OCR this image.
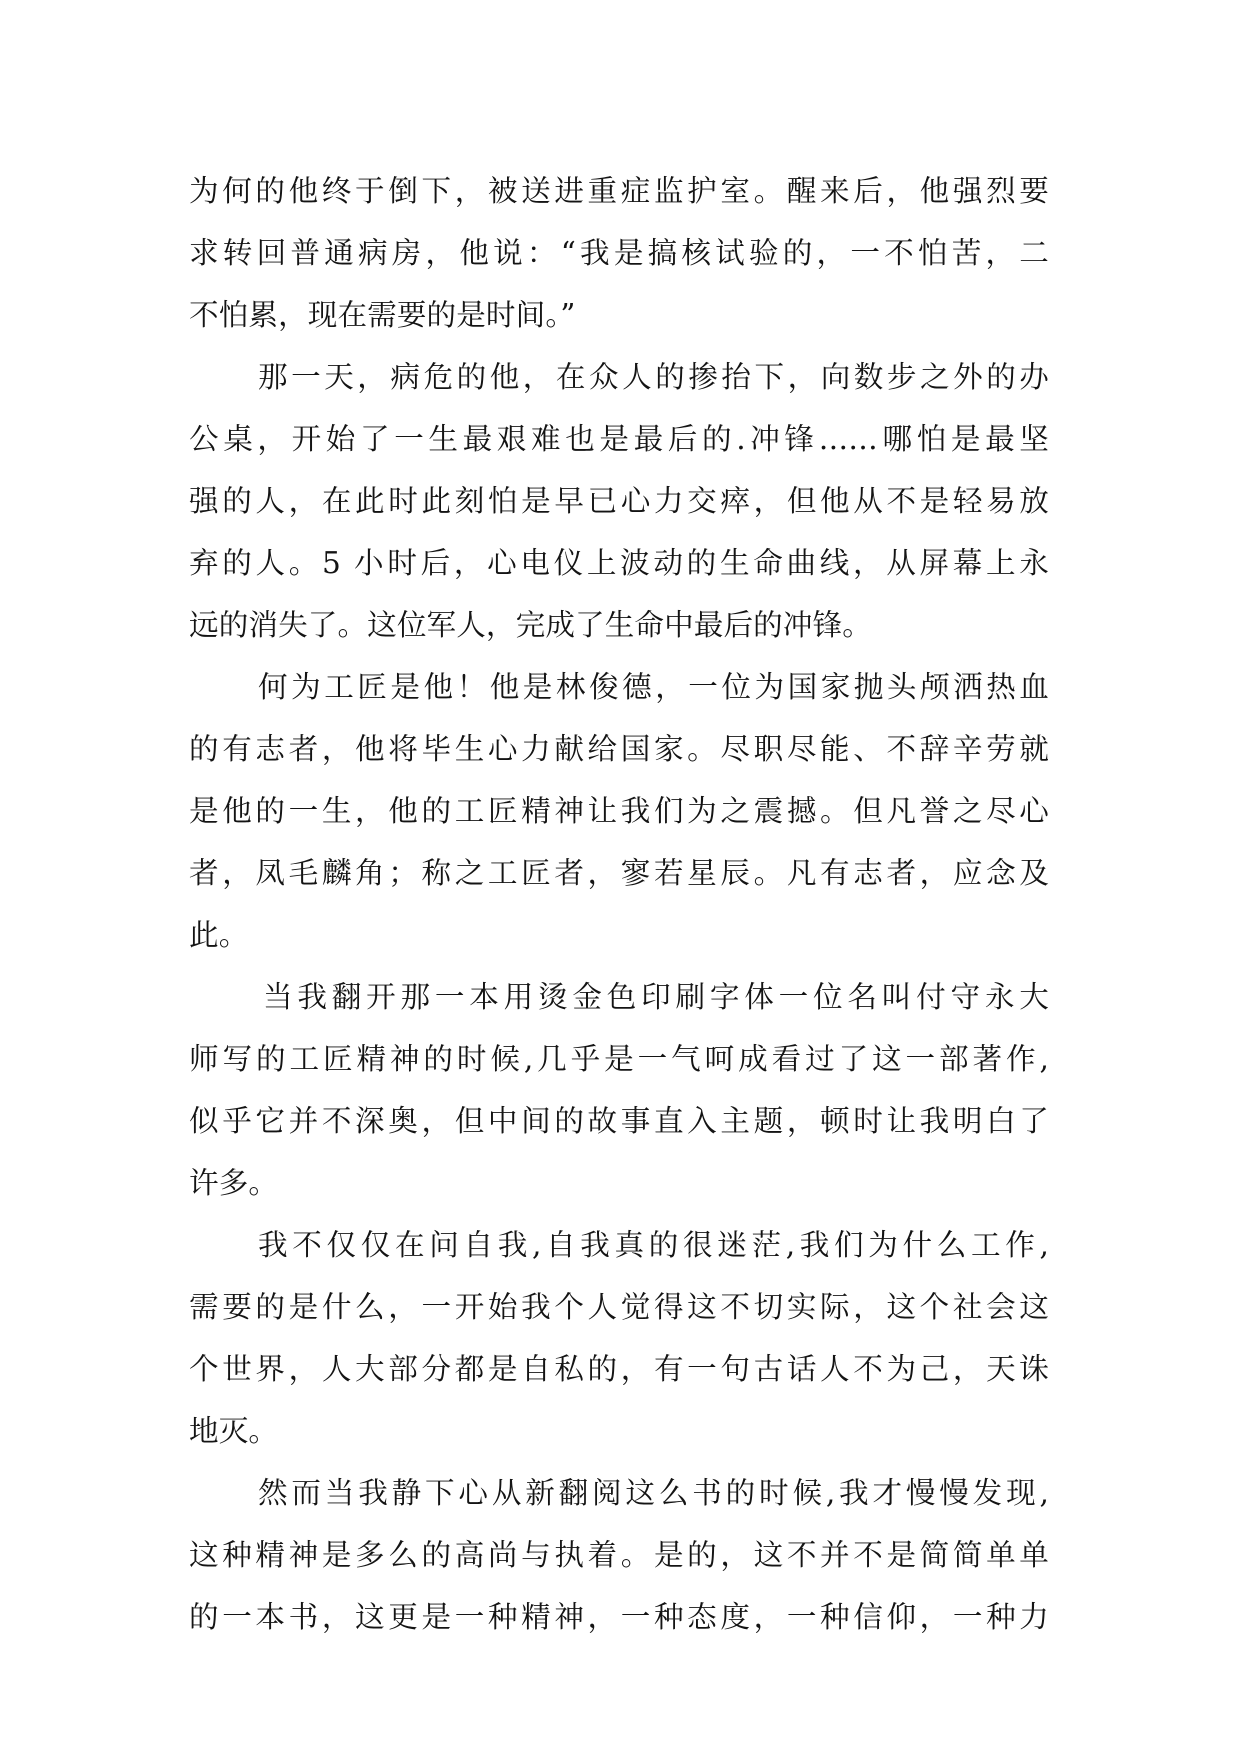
为何的他终于倒下，被送进重症监护室。醒来后，他强烈要
求转回普通病房，他说：“我是搞核试验的，一不怕苦，二
不怕累，现在需要的是时间。”
那一天，病危的他，在众人的掺抬下，向数步之外的办
公桌，开始了一生最艰难也是最后的.冲锋……哪怕是最坚
强的人，在此时此刻怕是早已心力交瘁，但他从不是轻易放
弃的人。5 小时后，心电仪上波动的生命曲线，从屏幕上永
远的消失了。这位军人，完成了生命中最后的冲锋。
何为工匠是他！他是林俊德，一位为国家抛头颅洒热血
的有志者，他将毕生心力献给国家。尽职尽能、不辞辛劳就
是他的一生，他的工匠精神让我们为之震撼。但凡誉之尽心
者，凤毛麟角；称之工匠者，寥若星辰。凡有志者，应念及
此。
当我翻开那一本用烫金色印刷字体一位名叫付守永大
师写的工匠精神的时候,几乎是一气呵成看过了这一部著作,
似乎它并不深奥，但中间的故事直入主题，顿时让我明白了
许多。
我不仅仅在问自我,自我真的很迷茫,我们为什么工作,
需要的是什么，一开始我个人觉得这不切实际，这个社会这
个世界，人大部分都是自私的，有一句古话人不为己，天诛
地灭。
然而当我静下心从新翻阅这么书的时候,我才慢慢发现,
这种精神是多么的高尚与执着。是的，这不并不是简简单单
的一本书，这更是一种精神，一种态度，一种信仰，一种力
